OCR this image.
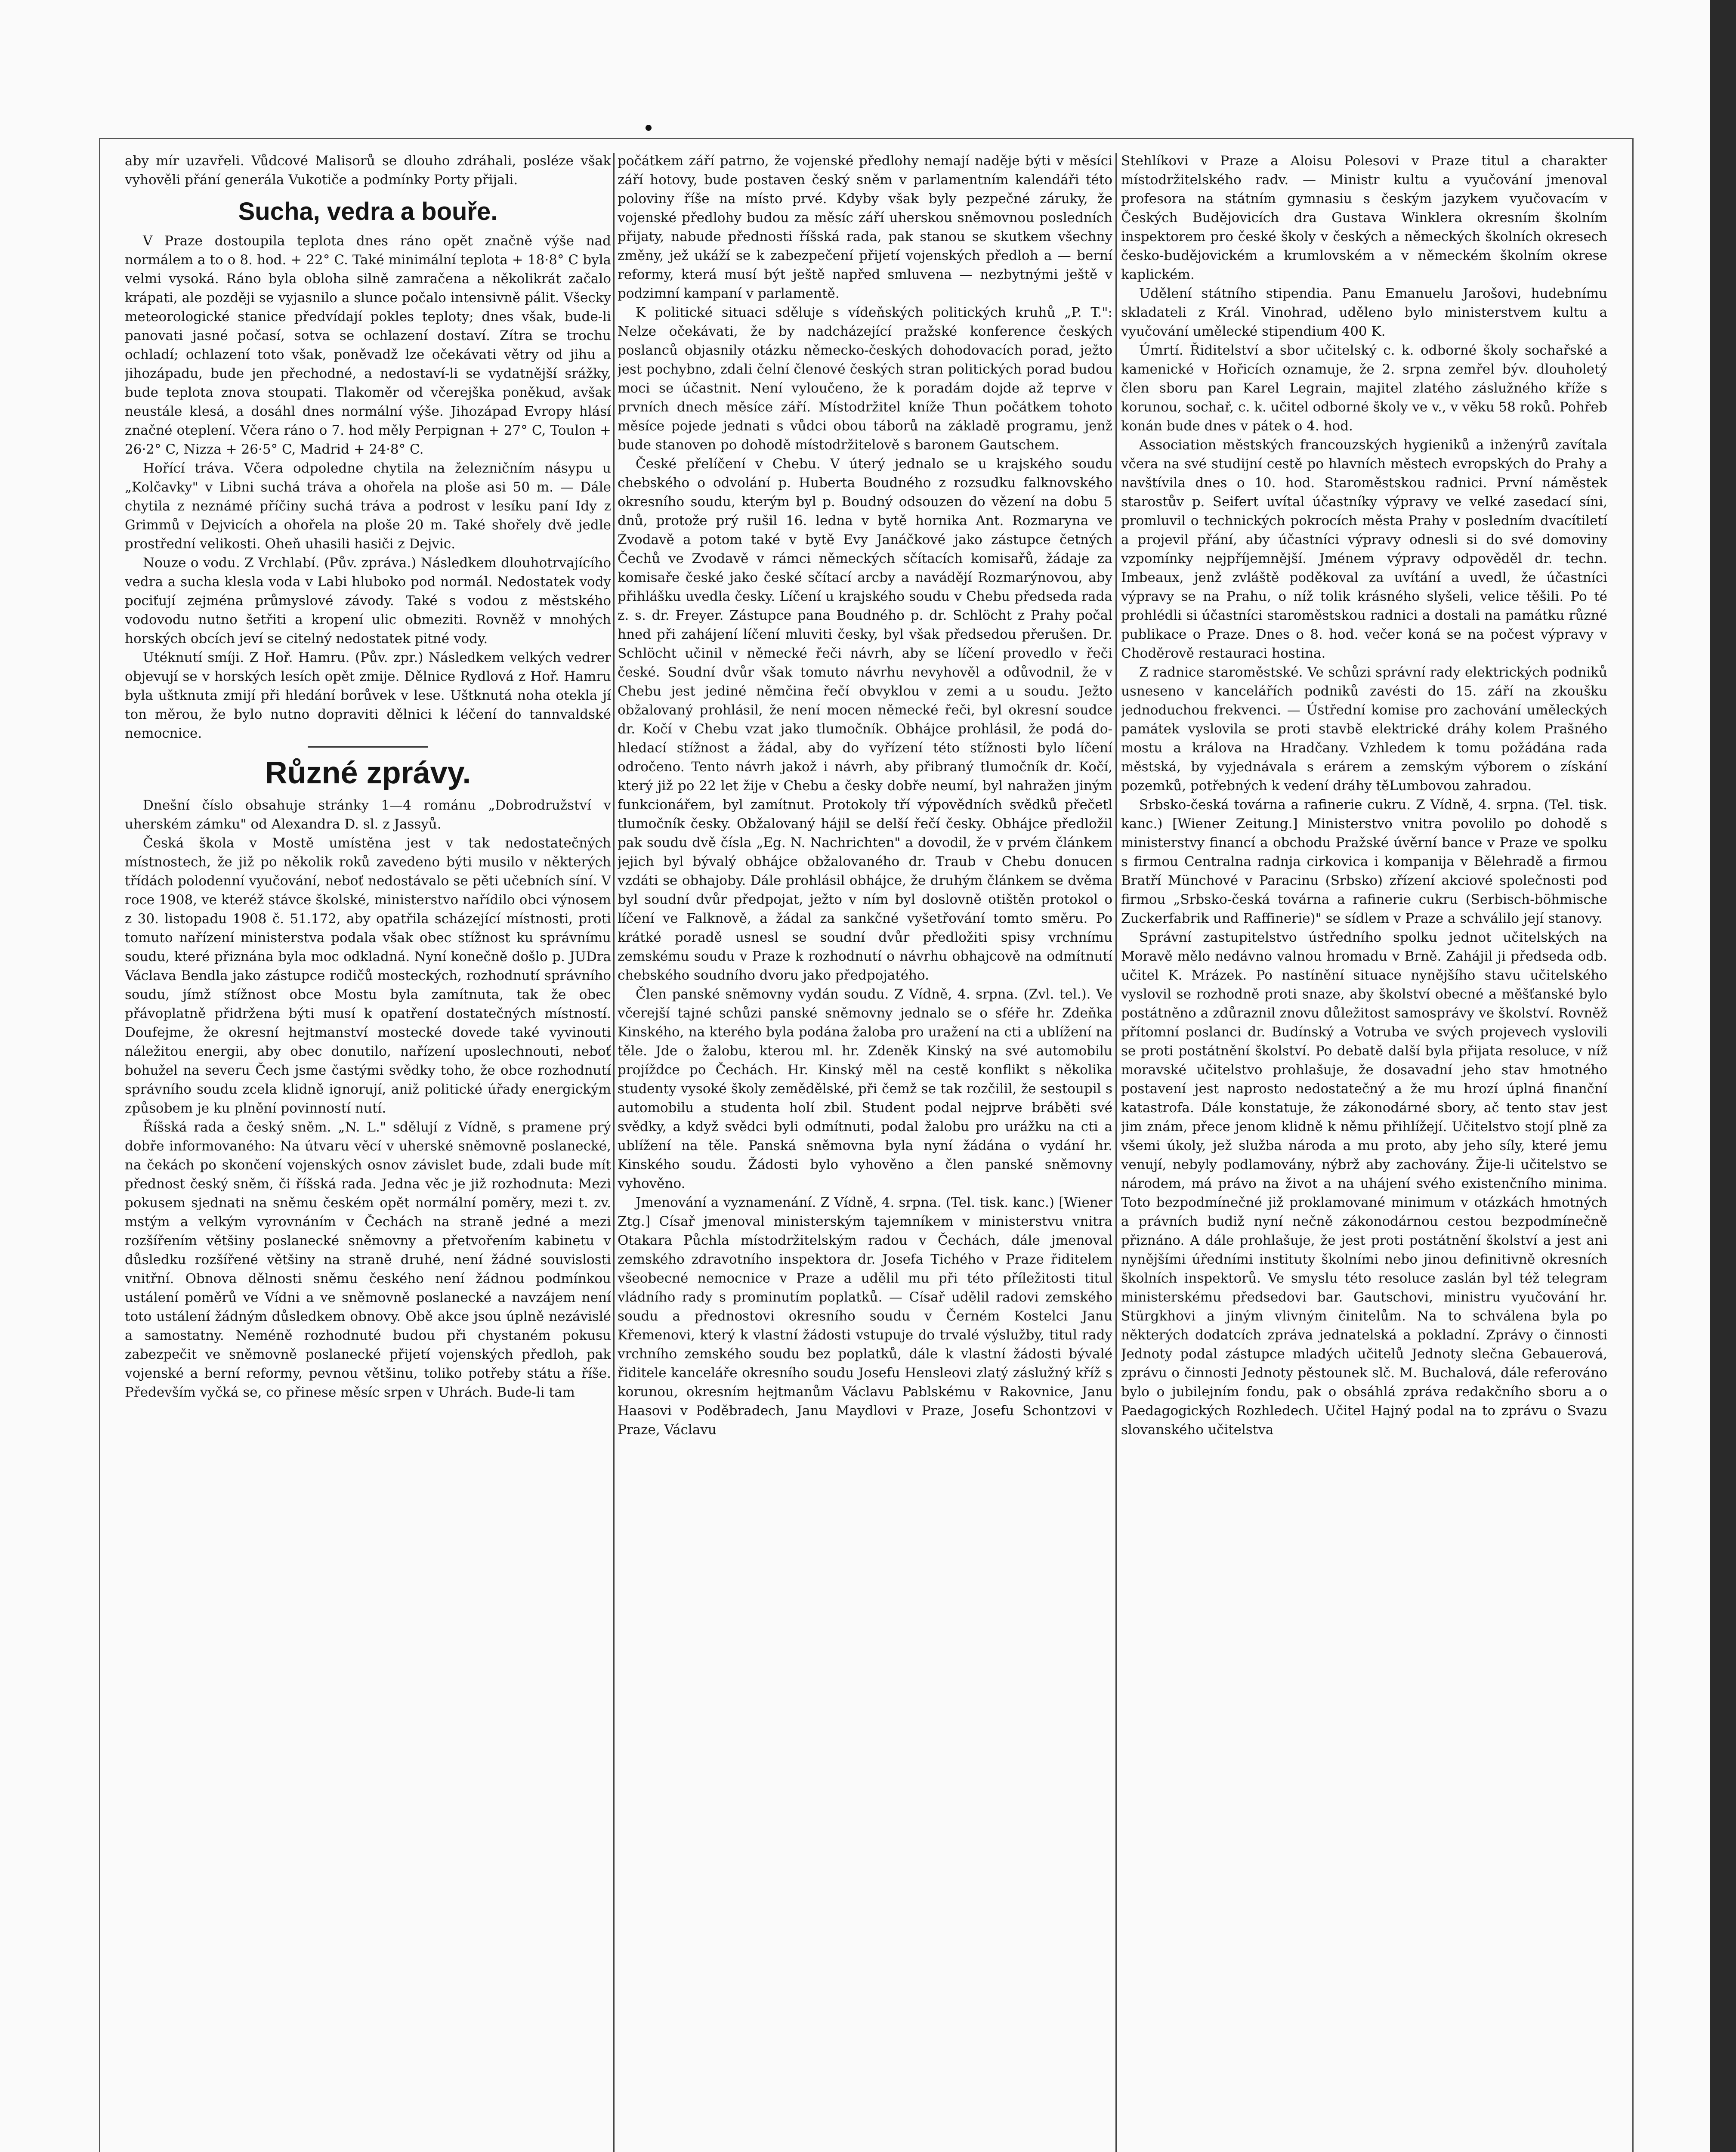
aby mír uzavřeli. Vůdcové Malisorů se dlouho zdráhali, posléze však vyhověli přání generála Vukotiče a podmínky Porty přijali.

Sucha, vedra a bouře.

V Praze dostoupila teplota dnes ráno opět značně výše nad normálem a to o 8. hod. + 22° C. Také minimální teplota + 18·8° C byla velmi vysoká. Ráno byla obloha silně zamračena a několikrát začalo krápati, ale později se vyjasnilo a slunce počalo intensivně pálit. Všecky meteorologické stanice předvídají pokles teploty; dnes však, bude-li panovati jasné počasí, sotva se ochlazení dostaví. Zítra se trochu ochladí; ochlazení toto však, poněvadž lze očekávati větry od jihu a jihozápadu, bude jen přechodné, a nedostaví-li se vydatnější srážky, bude teplota znova stoupati. Tlakoměr od včerejška poněkud, avšak neustále klesá, a dosáhl dnes normální výše. Jihozápad Evropy hlásí značné oteplení. Včera ráno o 7. hod měly Perpignan + 27° C, Toulon + 26·2° C, Nizza + 26·5° C, Madrid + 24·8° C.

Hořící tráva. Včera odpoledne chytila na železničním násypu u „Kolčavky" v Libni suchá tráva a ohořela na ploše asi 50 m. — Dále chytila z neznámé příčiny suchá tráva a podrost v lesíku paní Idy z Grimmů v Dejvicích a ohořela na ploše 20 m. Také shořely dvě jedle prostřední velikosti. Oheň uhasili hasiči z Dejvic.

Nouze o vodu. Z Vrchlabí. (Pův. zpráva.) Následkem dlouhotrvajícího vedra a sucha klesla voda v Labi hluboko pod normál. Nedostatek vody pociťují zejména průmyslové závody. Také s vodou z městského vodovodu nutno šetřiti a kropení ulic obmeziti. Rovněž v mnohých horských obcích jeví se citelný nedostatek pitné vody.

Utéknutí smíji. Z Hoř. Hamru. (Pův. zpr.) Následkem velkých vedrer objevují se v horských lesích opět zmije. Dělnice Rydlová z Hoř. Hamru byla uštknuta zmijí při hledání borůvek v lese. Uštknutá noha otekla jí ton měrou, že bylo nutno dopraviti dělnici k léčení do tannvaldské nemocnice.

Různé zprávy.

Dnešní číslo obsahuje stránky 1—4 románu „Dobrodružství v uherském zámku" od Alexandra D. sl. z Jassyů.

Česká škola v Mostě umístěna jest v tak nedostatečných místnostech, že již po několik roků zavedeno býti musilo v některých třídách polodenní vyučování, neboť nedostávalo se pěti učebních síní. V roce 1908, ve kteréž stávce školské, ministerstvo nařídilo obci výnosem z 30. listopadu 1908 č. 51.172, aby opatřila scházející místnosti, proti tomuto nařízení ministerstva podala však obec stížnost ku správnímu soudu, které přiznána byla moc odkladná. Nyní konečně došlo p. JUDra Václava Bendla jako zástupce rodičů mosteckých, rozhodnutí správního soudu, jímž stížnost obce Mostu byla zamítnuta, tak že obec přávoplatně přidržena býti musí k opatření dostatečných místností. Doufejme, že okresní hejtmanství mostecké dovede také vyvinouti náležitou energii, aby obec donutilo, nařízení uposlechnouti, neboť bohužel na severu Čech jsme častými svědky toho, že obce rozhodnutí správního soudu zcela klidně ignorují, aniž politické úřady energickým způsobem je ku plnění povinností nutí.

Říšská rada a český sněm. „N. L." sdělují z Vídně, s pramene prý dobře informovaného: Na útvaru věcí v uherské sněmovně poslanecké, na čekách po skončení vojenských osnov závislet bude, zdali bude mít přednost český sněm, či říšská rada. Jedna věc je již rozhodnuta: Mezi pokusem sjednati na sněmu českém opět normální poměry, mezi t. zv. mstým a velkým vyrovnáním v Čechách na straně jedné a mezi rozšířením většiny poslanecké sněmovny a přetvořením kabinetu v důsledku rozšířené většiny na straně druhé, není žádné souvislosti vnitřní. Obnova dělnosti sněmu českého není žádnou podmínkou ustálení poměrů ve Vídni a ve sněmovně poslanecké a navzájem není toto ustálení žádným důsledkem obnovy. Obě akce jsou úplně nezávislé a samostatny. Neméně rozhodnuté budou při chystaném pokusu zabezpečit ve sněmovně poslanecké přijetí vojenských předloh, pak vojenské a berní reformy, pevnou většinu, toliko potřeby státu a říše. Především vyčká se, co přinese měsíc srpen v Uhrách. Bude-li tam

počátkem září patrno, že vojenské předlohy nemají naděje býti v měsíci září hotovy, bude postaven český sněm v parlamentním kalendáři této poloviny říše na místo prvé. Kdyby však byly pezpečné záruky, že vojenské předlohy budou za měsíc září uherskou sněmovnou posledních přijaty, nabude přednosti říšská rada, pak stanou se skutkem všechny změny, jež ukáží se k zabezpečení přijetí vojenských předloh a — berní reformy, která musí být ještě napřed smluvena — nezbytnými ještě v podzimní kampaní v parlamentě.

K politické situaci sděluje s vídeňských politických kruhů „P. T.": Nelze očekávati, že by nadcházející pražské konference českých poslanců objasnily otázku německo-českých dohodovacích porad, ježto jest pochybno, zdali čelní členové českých stran politických porad budou moci se účastnit. Není vyloučeno, že k poradám dojde až teprve v prvních dnech měsíce září. Místodržitel kníže Thun počátkem tohoto měsíce pojede jednati s vůdci obou táborů na základě programu, jenž bude stanoven po dohodě místodržitelově s baronem Gautschem.

České přelíčení v Chebu. V úterý jednalo se u krajského soudu chebského o odvolání p. Huberta Boudného z rozsudku falknovského okresního soudu, kterým byl p. Boudný odsouzen do vězení na dobu 5 dnů, protože prý rušil 16. ledna v bytě hornika Ant. Rozmaryna ve Zvodavě a potom také v bytě Evy Janáčkové jako zástupce četných Čechů ve Zvodavě v rámci německých sčítacích komisařů, žádaje za komisaře české jako české sčítací arcby a navádějí Rozmarýnovou, aby přihlášku uvedla česky. Líčení u krajského soudu v Chebu předseda rada z. s. dr. Freyer. Zástupce pana Boudného p. dr. Schlöcht z Prahy počal hned při zahájení líčení mluviti česky, byl však předsedou přerušen. Dr. Schlöcht učinil v německé řeči návrh, aby se líčení provedlo v řeči české. Soudní dvůr však tomuto návrhu nevyhověl a odůvodnil, že v Chebu jest jediné němčina řečí obvyklou v zemi a u soudu. Ježto obžalovaný prohlásil, že není mocen německé řeči, byl okresní soudce dr. Kočí v Chebu vzat jako tlumočník. Obhájce prohlásil, že podá do- hledací stížnost a žádal, aby do vyřízení této stížnosti bylo líčení odročeno. Tento návrh jakož i návrh, aby přibraný tlumočník dr. Kočí, který již po 22 let žije v Chebu a česky dobře neumí, byl nahražen jiným funkcionářem, byl zamítnut. Protokoly tří výpovědních svědků přečetl tlumočník česky. Obžalovaný hájil se delší řečí česky. Obhájce předložil pak soudu dvě čísla „Eg. N. Nachrichten" a dovodil, že v prvém článkem jejich byl bývalý obhájce obžalovaného dr. Traub v Chebu donucen vzdáti se obhajoby. Dále prohlásil obhájce, že druhým článkem se dvěma byl soudní dvůr předpojat, ježto v ním byl doslovně otištěn protokol o líčení ve Falknově, a žádal za sankčné vyšetřování tomto směru. Po krátké poradě usnesl se soudní dvůr předložiti spisy vrchnímu zemskému soudu v Praze k rozhodnutí o návrhu obhajcově na odmítnutí chebského soudního dvoru jako předpojatého.

Člen panské sněmovny vydán soudu. Z Vídně, 4. srpna. (Zvl. tel.). Ve včerejší tajné schůzi panské sněmovny jednalo se o sféře hr. Zdeňka Kinského, na kterého byla podána žaloba pro uražení na cti a ublížení na těle. Jde o žalobu, kterou ml. hr. Zdeněk Kinský na své automobilu projíždce po Čechách. Hr. Kinský měl na cestě konflikt s několika studenty vysoké školy zemědělské, při čemž se tak rozčilil, že sestoupil s automobilu a studenta holí zbil. Student podal nejprve bráběti své svědky, a když svědci byli odmítnuti, podal žalobu pro urážku na cti a ublížení na těle. Panská sněmovna byla nyní žádána o vydání hr. Kinského soudu. Žádosti bylo vyhověno a člen panské sněmovny vyhověno.

Jmenování a vyznamenání. Z Vídně, 4. srpna. (Tel. tisk. kanc.) [Wiener Ztg.] Císař jmenoval ministerským tajemníkem v ministerstvu vnitra Otakara Půchla místodržitelským radou v Čechách, dále jmenoval zemského zdravotního inspektora dr. Josefa Tichého v Praze řiditelem všeobecné nemocnice v Praze a udělil mu při této příležitosti titul vládního rady s prominutím poplatků. — Císař udělil radovi zemského soudu a přednostovi okresního soudu v Černém Kostelci Janu Křemenovi, který k vlastní žádosti vstupuje do trvalé výslužby, titul rady vrchního zemského soudu bez poplatků, dále k vlastní žádosti bývalé řiditele kanceláře okresního soudu Josefu Hensleovi zlatý záslužný kříž s korunou, okresním hejtmanům Václavu Pablskému v Rakovnice, Janu Haasovi v Poděbradech, Janu Maydlovi v Praze, Josefu Schontzovi v Praze, Václavu

Stehlíkovi v Praze a Aloisu Polesovi v Praze titul a charakter místodržitelského radv. — Ministr kultu a vyučování jmenoval profesora na státním gymnasiu s českým jazykem vyučovacím v Českých Budějovicích dra Gustava Winklera okresním školním inspektorem pro české školy v českých a německých školních okresech česko-budějovickém a krumlovském a v německém školním okrese kaplickém.

Udělení státního stipendia. Panu Emanuelu Jarošovi, hudebnímu skladateli z Král. Vinohrad, uděleno bylo ministerstvem kultu a vyučování umělecké stipendium 400 K.

Úmrtí. Řiditelství a sbor učitelský c. k. odborné školy sochařské a kamenické v Hořicích oznamuje, že 2. srpna zemřel býv. dlouholetý člen sboru pan Karel Legrain, majitel zlatého záslužného kříže s korunou, sochař, c. k. učitel odborné školy ve v., v věku 58 roků. Pohřeb konán bude dnes v pátek o 4. hod.

Association městských francouzských hygieniků a inženýrů zavítala včera na své studijní cestě po hlavních městech evropských do Prahy a navštívila dnes o 10. hod. Staroměstskou radnici. První náměstek starostův p. Seifert uvítal účastníky výpravy ve velké zasedací síni, promluvil o technických pokrocích města Prahy v posledním dvacítiletí a projevil přání, aby účastníci výpravy odnesli si do své domoviny vzpomínky nejpříjemnější. Jménem výpravy odpověděl dr. techn. Imbeaux, jenž zvláště poděkoval za uvítání a uvedl, že účastníci výpravy se na Prahu, o níž tolik krásného slyšeli, velice těšili. Po té prohlédli si účastníci staroměstskou radnici a dostali na památku různé publikace o Praze. Dnes o 8. hod. večer koná se na počest výpravy v Choděrově restauraci hostina.

Z radnice staroměstské. Ve schůzi správní rady elektrických podniků usneseno v kancelářích podniků zavésti do 15. září na zkoušku jednoduchou frekvenci. — Ústřední komise pro zachování uměleckých památek vyslovila se proti stavbě elektrické dráhy kolem Prašného mostu a králova na Hradčany. Vzhledem k tomu požádána rada městská, by vyjednávala s erárem a zemským výborem o získání pozemků, potřebných k vedení dráhy těLumbovou zahradou.

Srbsko-česká továrna a rafinerie cukru. Z Vídně, 4. srpna. (Tel. tisk. kanc.) [Wiener Zeitung.] Ministerstvo vnitra povolilo po dohodě s ministerstvy financí a obchodu Pražské úvěrní bance v Praze ve spolku s firmou Centralna radnja cirkovica i kompanija v Bělehradě a firmou Bratří Münchové v Paracinu (Srbsko) zřízení akciové společnosti pod firmou „Srbsko-česká továrna a rafinerie cukru (Serbisch-böhmische Zuckerfabrik und Raffinerie)" se sídlem v Praze a schválilo její stanovy.

Správní zastupitelstvo ústředního spolku jednot učitelských na Moravě mělo nedávno valnou hromadu v Brně. Zahájil ji předseda odb. učitel K. Mrázek. Po nastínění situace nynějšího stavu učitelského vyslovil se rozhodně proti snaze, aby školství obecné a měšťanské bylo postátněno a zdůraznil znovu důležitost samosprávy ve školství. Rovněž přítomní poslanci dr. Budínský a Votruba ve svých projevech vyslovili se proti postátnění školství. Po debatě další byla přijata resoluce, v níž moravské učitelstvo prohlašuje, že dosavadní jeho stav hmotného postavení jest naprosto nedostatečný a že mu hrozí úplná finanční katastrofa. Dále konstatuje, že zákonodárné sbory, ač tento stav jest jim znám, přece jenom klidně k němu přihlížejí. Učitelstvo stojí plně za všemi úkoly, jež služba národa a mu proto, aby jeho síly, které jemu venují, nebyly podlamovány, nýbrž aby zachovány. Žije-li učitelstvo se národem, má právo na život a na uhájení svého existenčního minima. Toto bezpodmínečné již proklamované minimum v otázkách hmotných a právních budiž nyní nečně zákonodárnou cestou bezpodmínečně přiznáno. A dále prohlašuje, že jest proti postátnění školství a jest ani nynějšími úředními instituty školními nebo jinou definitivně okresních školních inspektorů. Ve smyslu této resoluce zaslán byl též telegram ministerskému předsedovi bar. Gautschovi, ministru vyučování hr. Stürgkhovi a jiným vlivným činitelům. Na to schválena byla po některých dodatcích zpráva jednatelská a pokladní. Zprávy o činnosti Jednoty podal zástupce mladých učitelů Jednoty slečna Gebauerová, zprávu o činnosti Jednoty pěstounek slč. M. Buchalová, dále referováno bylo o jubilejním fondu, pak o obsáhlá zpráva redakčního sboru a o Paedagogických Rozhledech. Učitel Hajný podal na to zprávu o Svazu slovanského učitelstva
